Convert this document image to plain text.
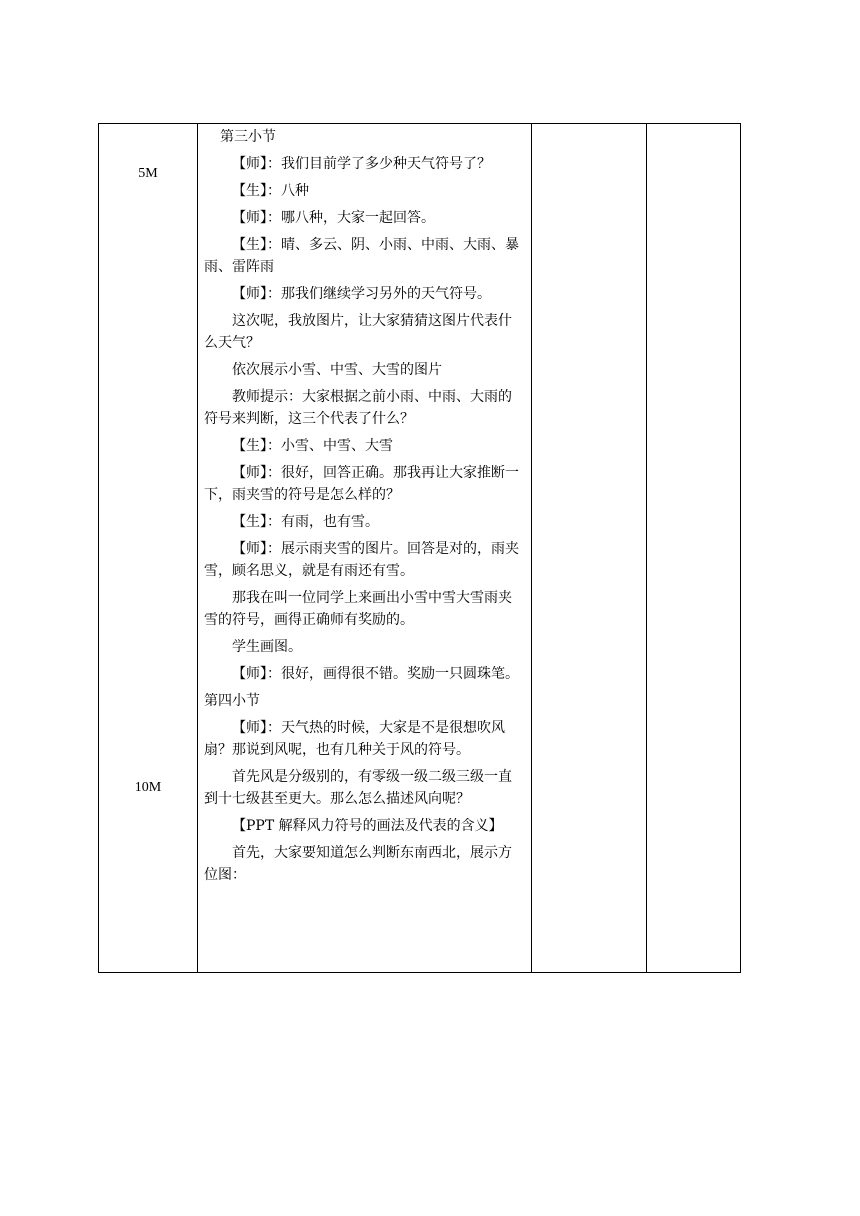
5M
10M

第三小节

【师】：我们目前学了多少种天气符号了？

【生】：八种

【师】：哪八种，大家一起回答。

【生】：晴、多云、阴、小雨、中雨、大雨、暴雨、雷阵雨

【师】：那我们继续学习另外的天气符号。

这次呢，我放图片，让大家猜猜这图片代表什么天气？

依次展示小雪、中雪、大雪的图片

教师提示：大家根据之前小雨、中雨、大雨的符号来判断，这三个代表了什么？

【生】：小雪、中雪、大雪

【师】：很好，回答正确。那我再让大家推断一下，雨夹雪的符号是怎么样的？

【生】：有雨，也有雪。

【师】：展示雨夹雪的图片。回答是对的，雨夹雪，顾名思义，就是有雨还有雪。

那我在叫一位同学上来画出小雪中雪大雪雨夹雪的符号，画得正确师有奖励的。

学生画图。

【师】：很好，画得很不错。奖励一只圆珠笔。

第四小节

【师】：天气热的时候，大家是不是很想吹风扇？那说到风呢，也有几种关于风的符号。

首先风是分级别的，有零级一级二级三级一直到十七级甚至更大。那么怎么描述风向呢？

【PPT 解释风力符号的画法及代表的含义】

首先，大家要知道怎么判断东南西北，展示方位图：
